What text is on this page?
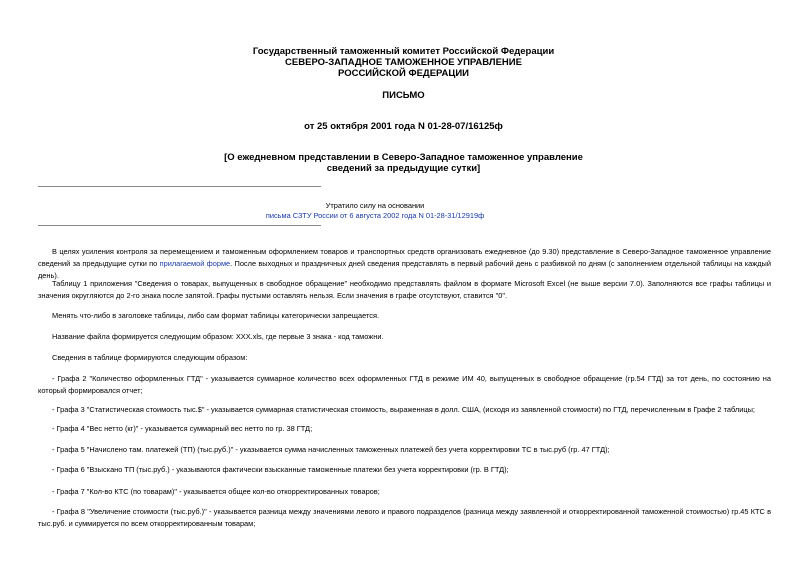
Государственный таможенный комитет Российской Федерации
СЕВЕРО-ЗАПАДНОЕ ТАМОЖЕННОЕ УПРАВЛЕНИЕ
РОССИЙСКОЙ ФЕДЕРАЦИИ
ПИСЬМО
от 25 октября 2001 года N 01-28-07/16125ф
[О ежедневном представлении в Северо-Западное таможенное управление
сведений за предыдущие сутки]
Утратило силу на основании
письма СЗТУ России от 6 августа 2002 года N 01-28-31/12919ф
В целях усиления контроля за перемещением и таможенным оформлением товаров и транспортных средств организовать ежедневное (до 9.30) представление в Северо-Западное таможенное управление сведений за предыдущие сутки по прилагаемой форме. После выходных и праздничных дней сведения представлять в первый рабочий день с разбивкой по дням (с заполнением отдельной таблицы на каждый день).
Таблицу 1 приложения "Сведения о товарах, выпущенных в свободное обращение" необходимо представлять файлом в формате Microsoft Excel (не выше версии 7.0). Заполняются все графы таблицы и значения округляются до 2-го знака после запятой. Графы пустыми оставлять нельзя. Если значения в графе отсутствуют, ставится "0".
Менять что-либо в заголовке таблицы, либо сам формат таблицы категорически запрещается.
Название файла формируется следующим образом: XXX.xls, где первые 3 знака - код таможни.
Сведения в таблице формируются следующим образом:
- Графа 2 "Количество оформленных ГТД" - указывается суммарное количество всех оформленных ГТД в режиме ИМ 40, выпущенных в свободное обращение (гр.54 ГТД) за тот день, по состоянию на который формировался отчет;
- Графа 3 "Статистическая стоимость тыс.$" - указывается суммарная статистическая стоимость, выраженная в долл. США, (исходя из заявленной стоимости) по ГТД, перечисленным в Графе 2 таблицы;
- Графа 4 "Вес нетто (кг)" - указывается суммарный вес нетто по гр. 38 ГТД;
- Графа 5 "Начислено там. платежей (ТП) (тыс.руб.)" - указывается сумма начисленных таможенных платежей без учета корректировки ТС в тыс.руб (гр. 47 ГТД);
- Графа 6 "Взыскано ТП (тыс.руб.) - указываются фактически взысканные таможенные платежи без учета корректировки (гр. В ГТД);
- Графа 7 "Кол-во КТС (по товарам)" - указывается общее кол-во откорректированных товаров;
- Графа 8 "Увеличение стоимости (тыс.руб.)" - указывается разница между значениями левого и правого подразделов (разница между заявленной и откорректированной таможенной стоимостью) гр.45 КТС в тыс.руб. и суммируется по всем откорректированным товарам;
